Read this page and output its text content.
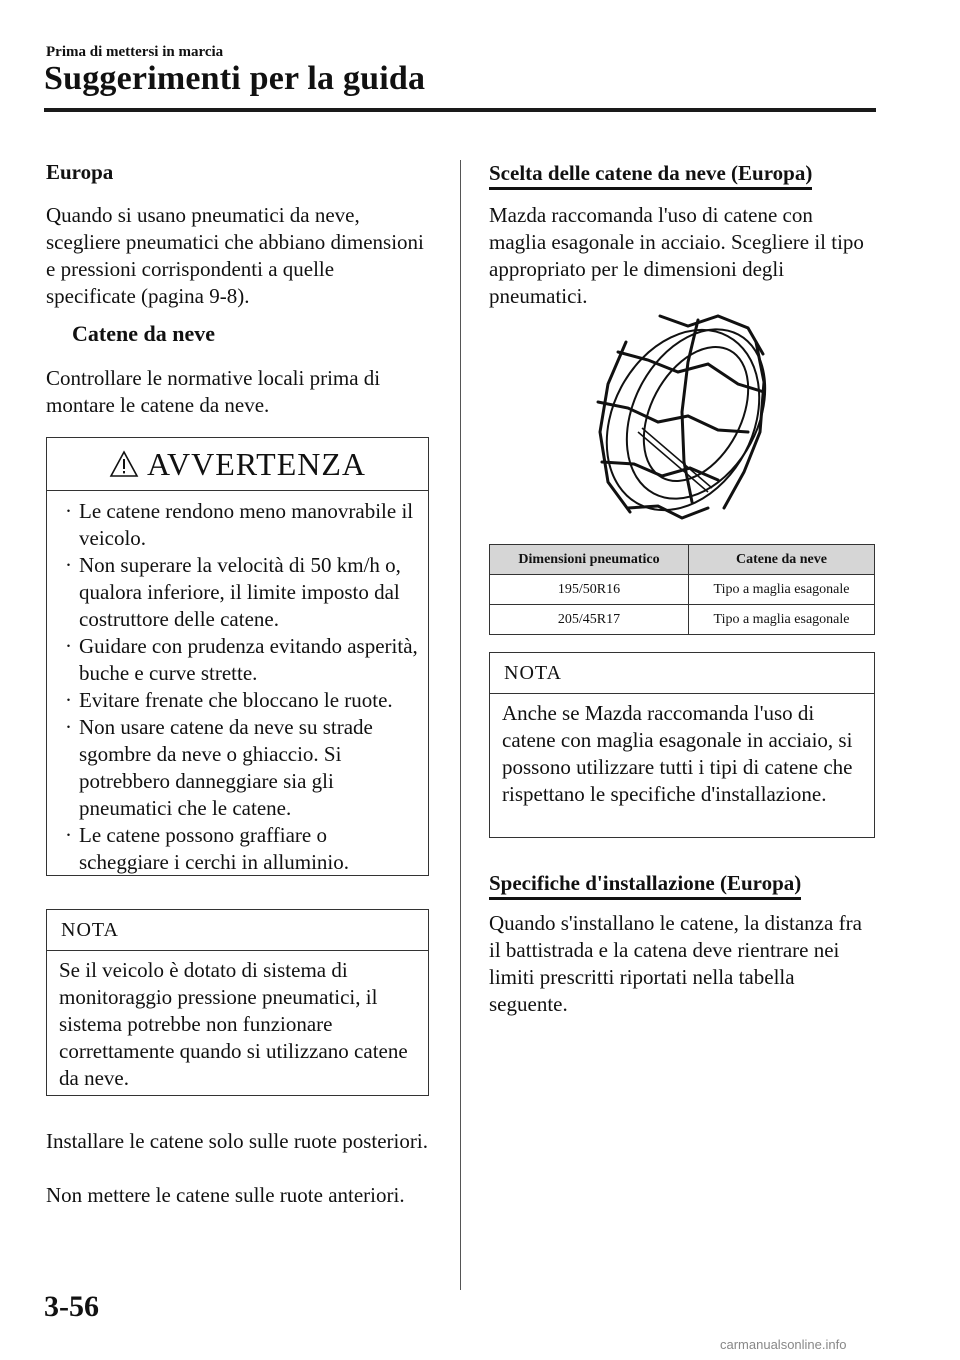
Prima di mettersi in marcia
Suggerimenti per la guida
Europa
Quando si usano pneumatici da neve, scegliere pneumatici che abbiano dimensioni e pressioni corrispondenti a quelle specificate (pagina 9-8).
Catene da neve
Controllare le normative locali prima di montare le catene da neve.
AVVERTENZA
· Le catene rendono meno manovrabile il veicolo.
· Non superare la velocità di 50 km/h o, qualora inferiore, il limite imposto dal costruttore delle catene.
· Guidare con prudenza evitando asperità, buche e curve strette.
· Evitare frenate che bloccano le ruote.
· Non usare catene da neve su strade sgombre da neve o ghiaccio. Si potrebbero danneggiare sia gli pneumatici che le catene.
· Le catene possono graffiare o scheggiare i cerchi in alluminio.
NOTA
Se il veicolo è dotato di sistema di monitoraggio pressione pneumatici, il sistema potrebbe non funzionare correttamente quando si utilizzano catene da neve.
Installare le catene solo sulle ruote posteriori.
Non mettere le catene sulle ruote anteriori.
Scelta delle catene da neve (Europa)
Mazda raccomanda l'uso di catene con maglia esagonale in acciaio. Scegliere il tipo appropriato per le dimensioni degli pneumatici.
Dimensioni pneumatico	Catene da neve
195/50R16	Tipo a maglia esagonale
205/45R17	Tipo a maglia esagonale
NOTA
Anche se Mazda raccomanda l'uso di catene con maglia esagonale in acciaio, si possono utilizzare tutti i tipi di catene che rispettano le specifiche d'installazione.
Specifiche d'installazione (Europa)
Quando s'installano le catene, la distanza fra il battistrada e la catena deve rientrare nei limiti prescritti riportati nella tabella seguente.
3-56
carmanualsonline.info
